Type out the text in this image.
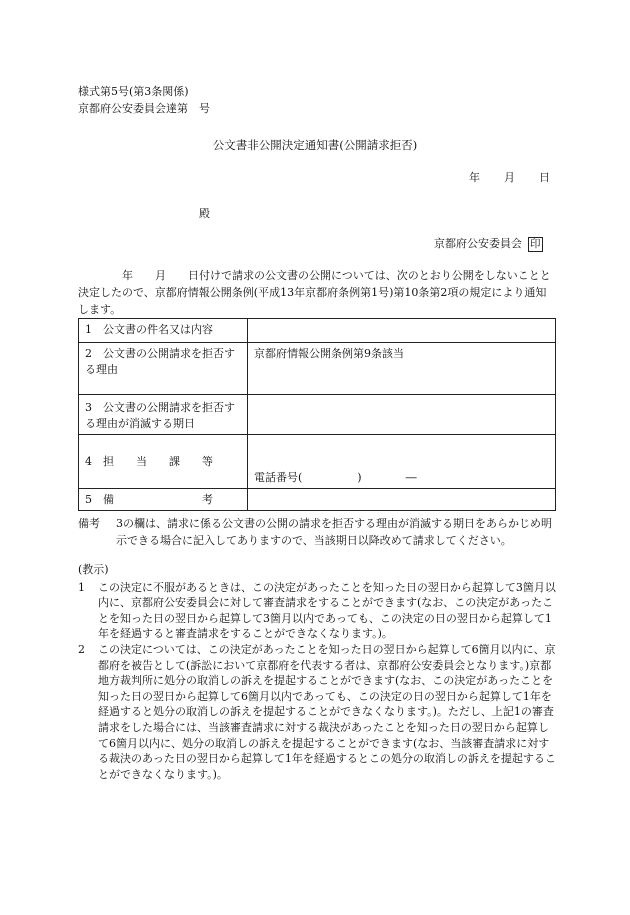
様式第5号(第3条関係)
京都府公安委員会達第　号
公文書非公開決定通知書(公開請求拒否)
年 月 日
殿
京都府公安委員会 印
　　　　年　　月　　日付けで請求の公文書の公開については、次のとおり公開をしないことと決定したので、京都府情報公開条例(平成13年京都府条例第1号)第10条第2項の規定により通知します。
1　公文書の件名又は内容	
2　公文書の公開請求を拒否する理由	京都府情報公開条例第9条該当
3　公文書の公開請求を拒否する理由が消滅する期日	
4　担　　当　　課　　等	電話番号(　　　　　)　　　　―

5　備　　　　　　　　考	
備考	3の欄は、請求に係る公文書の公開の請求を拒否する理由が消滅する期日をあらかじめ明示できる場合に記入してありますので、当該期日以降改めて請求してください。
(教示)
1 この決定に不服があるときは、この決定があったことを知った日の翌日から起算して3箇月以内に、京都府公安委員会に対して審査請求をすることができます(なお、この決定があったことを知った日の翌日から起算して3箇月以内であっても、この決定の日の翌日から起算して1年を経過すると審査請求をすることができなくなります。)。
2 この決定については、この決定があったことを知った日の翌日から起算して6箇月以内に、京都府を被告として(訴訟において京都府を代表する者は、京都府公安委員会となります。)京都地方裁判所に処分の取消しの訴えを提起することができます(なお、この決定があったことを知った日の翌日から起算して6箇月以内であっても、この決定の日の翌日から起算して1年を経過すると処分の取消しの訴えを提起することができなくなります。)。ただし、上記1の審査請求をした場合には、当該審査請求に対する裁決があったことを知った日の翌日から起算して6箇月以内に、処分の取消しの訴えを提起することができます(なお、当該審査請求に対する裁決のあった日の翌日から起算して1年を経過するとこの処分の取消しの訴えを提起することができなくなります。)。
